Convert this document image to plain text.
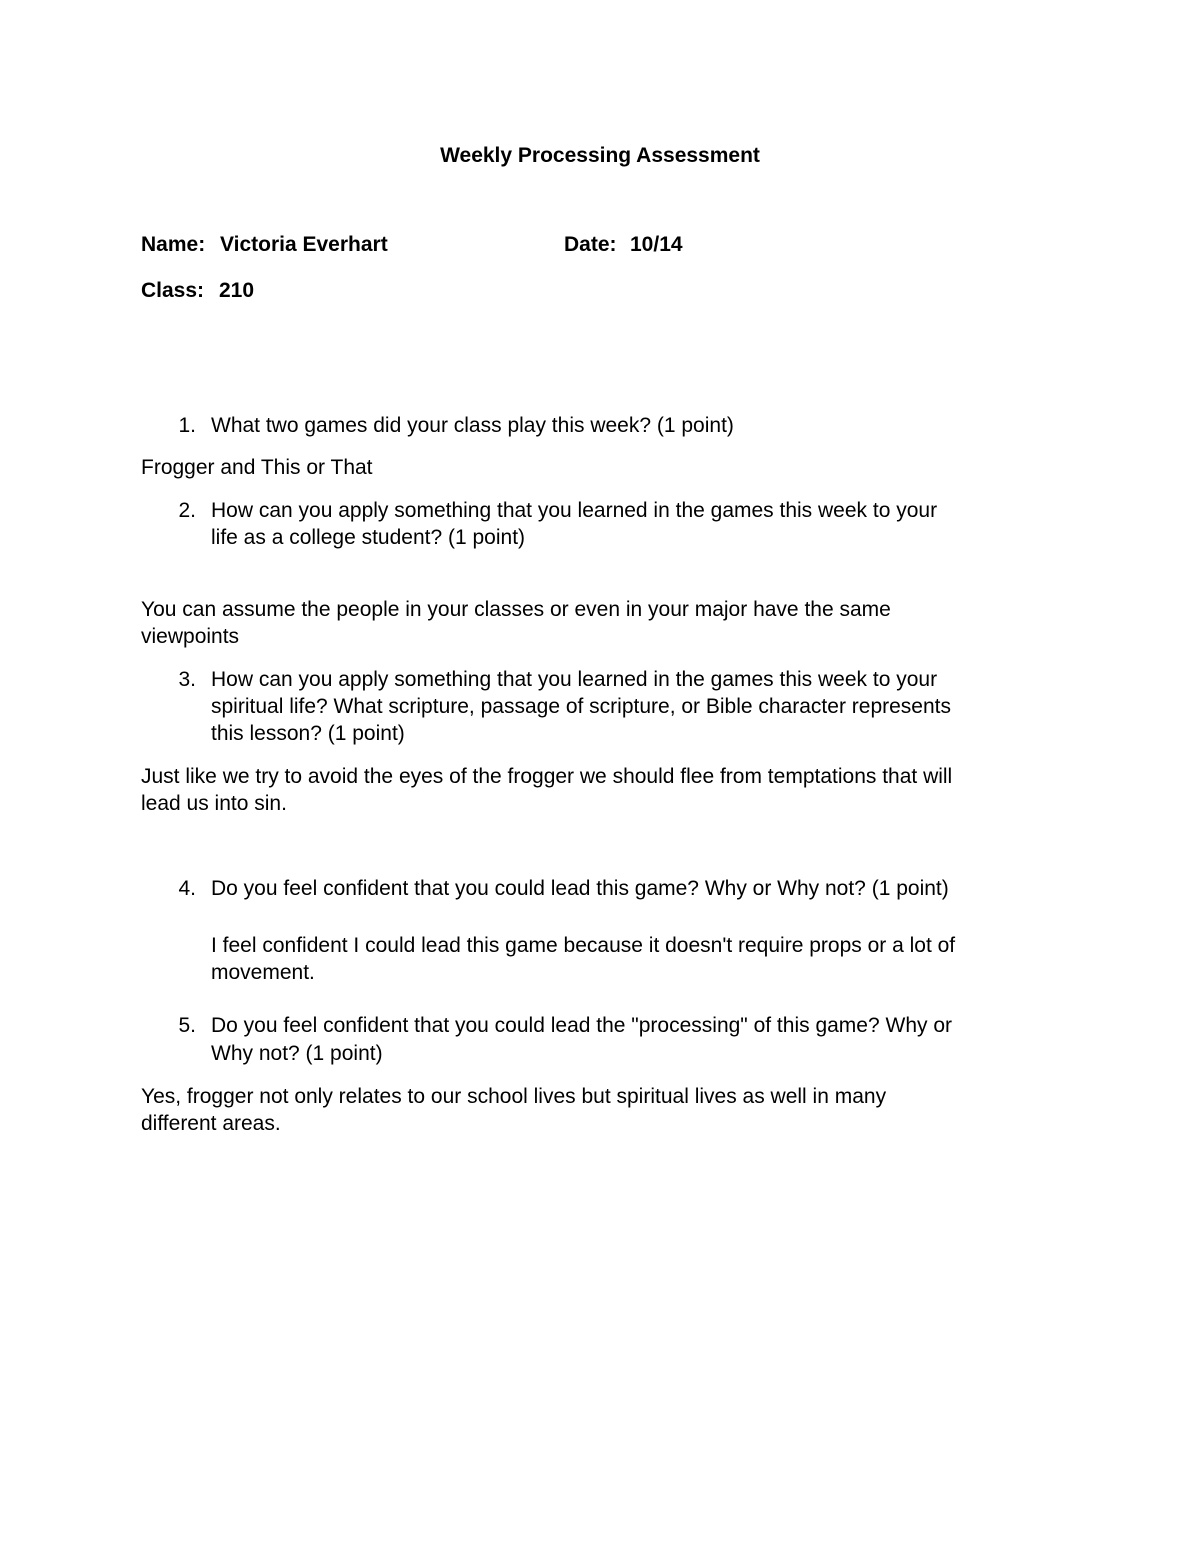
Weekly Processing Assessment
Name: Victoria Everhart	Date: 10/14
Class: 210
1. What two games did your class play this week? (1 point)
Frogger and This or That
2. How can you apply something that you learned in the games this week to your
life as a college student? (1 point)
You can assume the people in your classes or even in your major have the same
viewpoints
3. How can you apply something that you learned in the games this week to your
spiritual life? What scripture, passage of scripture, or Bible character represents
this lesson? (1 point)
Just like we try to avoid the eyes of the frogger we should flee from temptations that will
lead us into sin.
4. Do you feel confident that you could lead this game? Why or Why not? (1 point)
I feel confident I could lead this game because it doesn't require props or a lot of
movement.
5. Do you feel confident that you could lead the "processing" of this game? Why or
Why not? (1 point)
Yes, frogger not only relates to our school lives but spiritual lives as well in many
different areas.
